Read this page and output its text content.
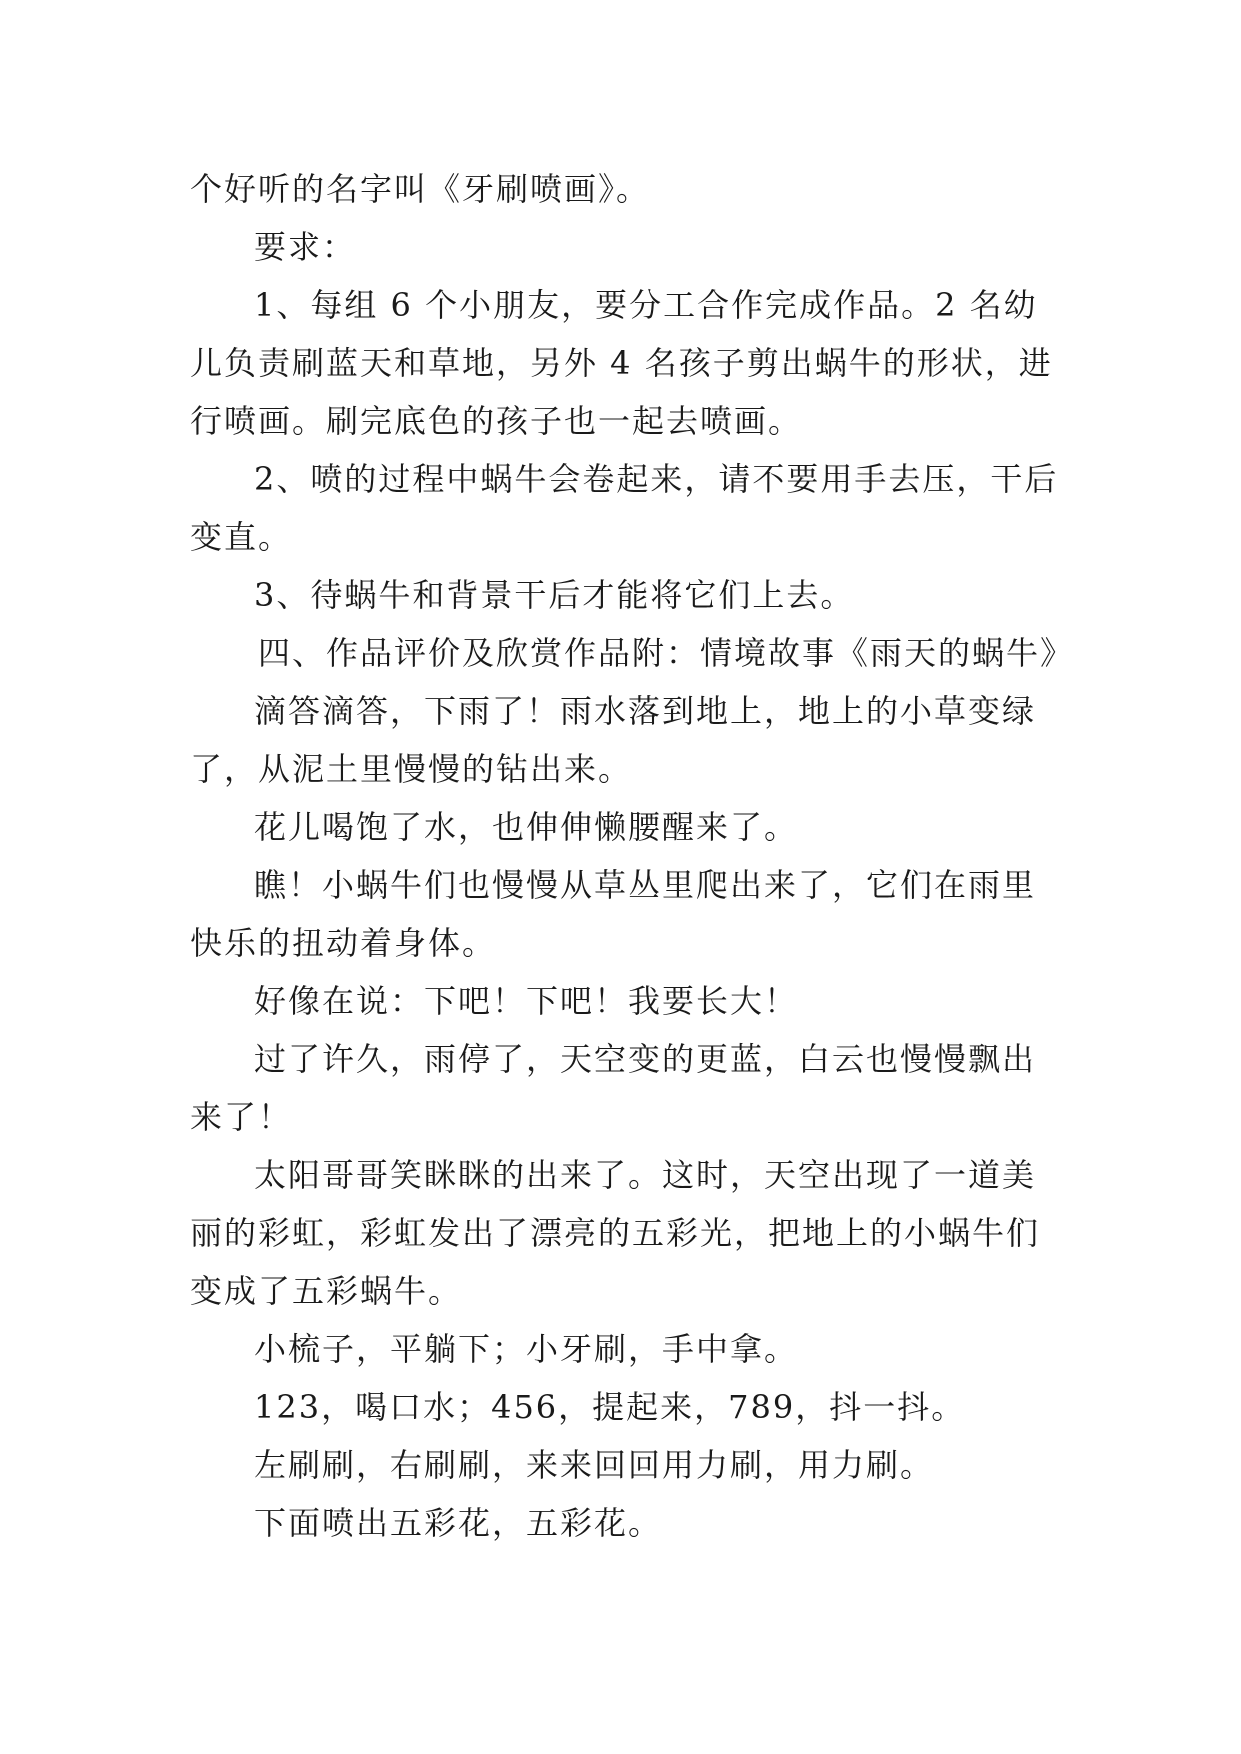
个好听的名字叫《牙刷喷画》。

要求：

1、每组 6 个小朋友，要分工合作完成作品。2 名幼儿负责刷蓝天和草地，另外 4 名孩子剪出蜗牛的形状，进行喷画。刷完底色的孩子也一起去喷画。

2、喷的过程中蜗牛会卷起来，请不要用手去压，干后变直。

3、待蜗牛和背景干后才能将它们上去。

四、作品评价及欣赏作品附：情境故事《雨天的蜗牛》

滴答滴答，下雨了！雨水落到地上，地上的小草变绿了，从泥土里慢慢的钻出来。

花儿喝饱了水，也伸伸懒腰醒来了。

瞧！小蜗牛们也慢慢从草丛里爬出来了，它们在雨里快乐的扭动着身体。

好像在说：下吧！下吧！我要长大！

过了许久，雨停了，天空变的更蓝，白云也慢慢飘出来了！

太阳哥哥笑眯眯的出来了。这时，天空出现了一道美丽的彩虹，彩虹发出了漂亮的五彩光，把地上的小蜗牛们变成了五彩蜗牛。

小梳子，平躺下；小牙刷，手中拿。

123，喝口水；456，提起来，789，抖一抖。

左刷刷，右刷刷，来来回回用力刷，用力刷。

下面喷出五彩花，五彩花。
